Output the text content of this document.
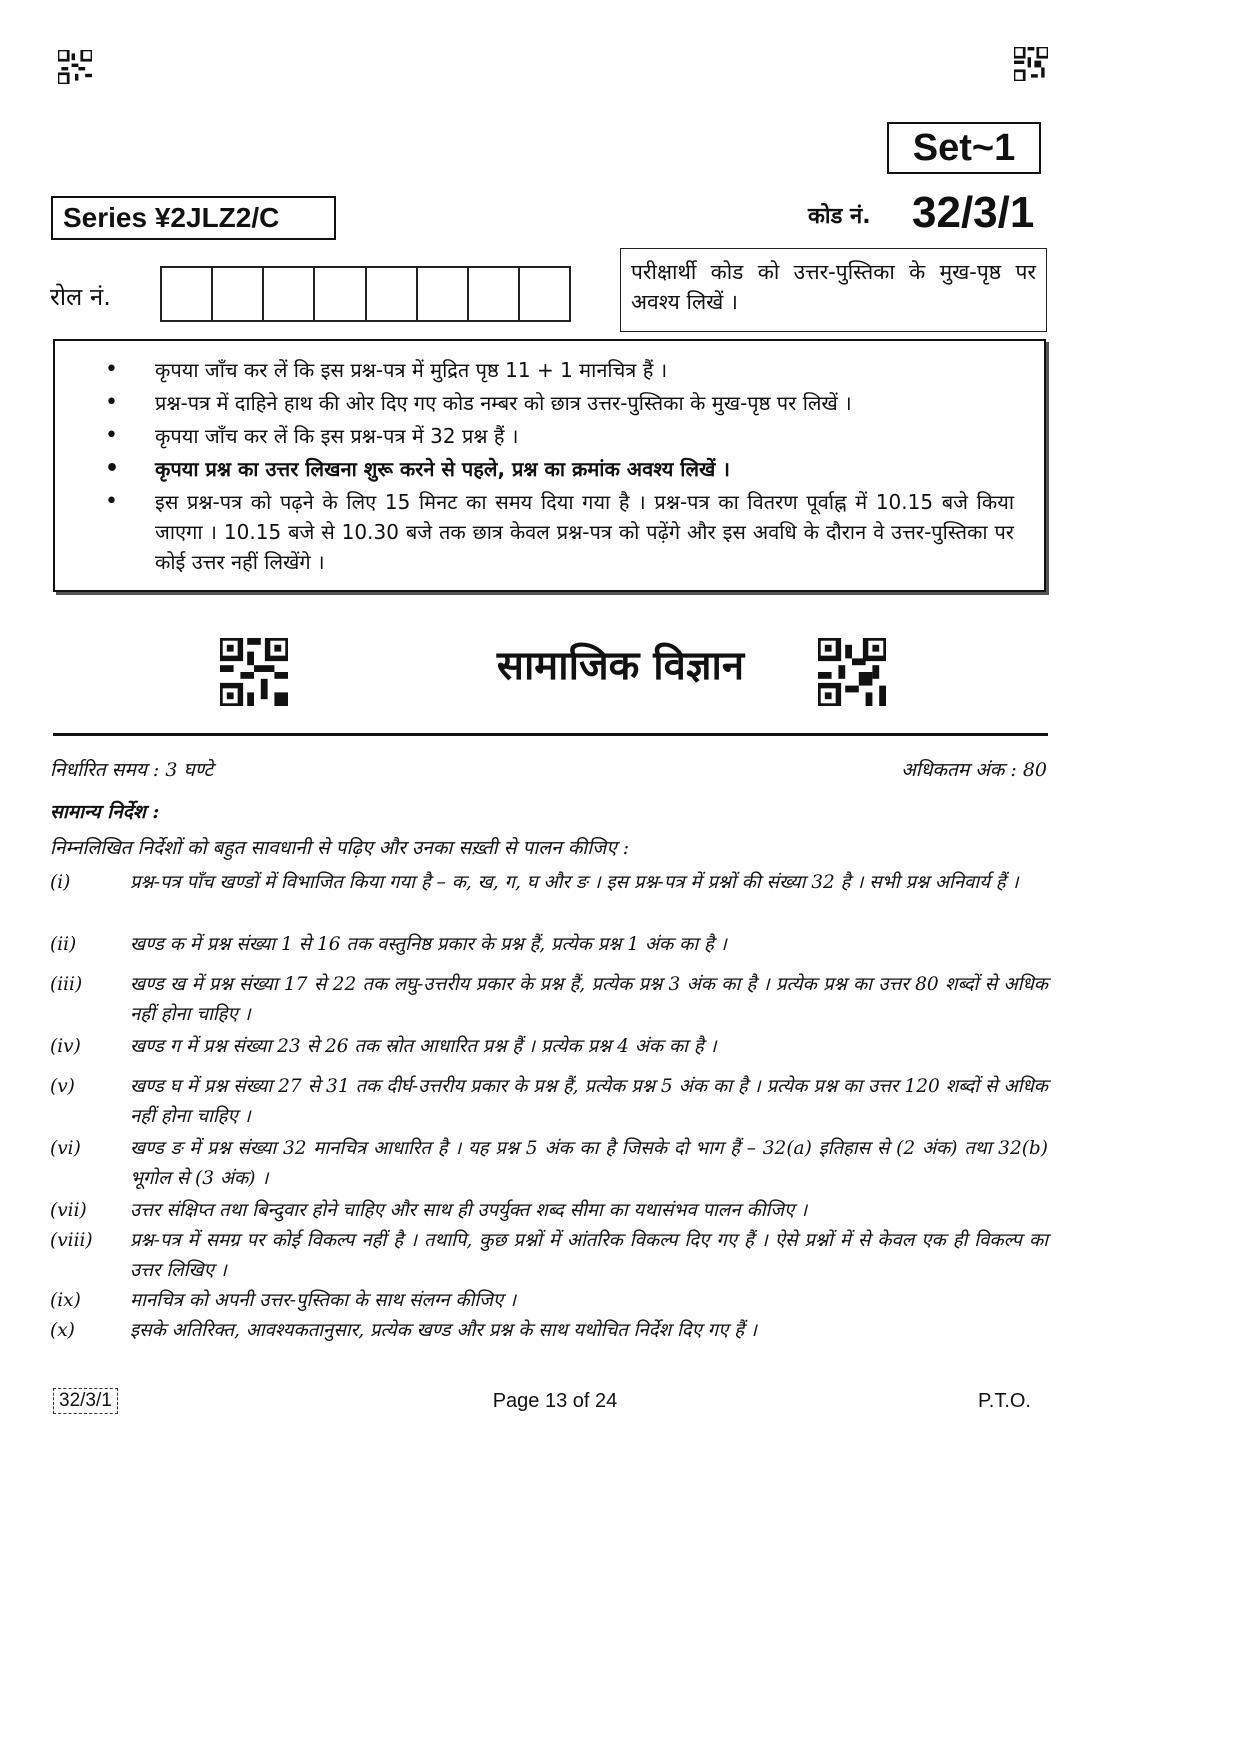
Set~1
Series ¥2JLZ2/C	कोड नं. 32/3/1
रोल नं.
परीक्षार्थी कोड को उत्तर-पुस्तिका के मुख-पृष्ठ पर अवश्य लिखें ।
• कृपया जाँच कर लें कि इस प्रश्न-पत्र में मुद्रित पृष्ठ 11 + 1 मानचित्र हैं ।
• प्रश्न-पत्र में दाहिने हाथ की ओर दिए गए कोड नम्बर को छात्र उत्तर-पुस्तिका के मुख-पृष्ठ पर लिखें ।
• कृपया जाँच कर लें कि इस प्रश्न-पत्र में 32 प्रश्न हैं ।
• कृपया प्रश्न का उत्तर लिखना शुरू करने से पहले, प्रश्न का क्रमांक अवश्य लिखें ।
• इस प्रश्न-पत्र को पढ़ने के लिए 15 मिनट का समय दिया गया है । प्रश्न-पत्र का वितरण पूर्वाह्न में 10.15 बजे किया जाएगा । 10.15 बजे से 10.30 बजे तक छात्र केवल प्रश्न-पत्र को पढ़ेंगे और इस अवधि के दौरान वे उत्तर-पुस्तिका पर कोई उत्तर नहीं लिखेंगे ।
सामाजिक विज्ञान
निर्धारित समय : 3 घण्टे	अधिकतम अंक : 80
सामान्य निर्देश :
निम्नलिखित निर्देशों को बहुत सावधानी से पढ़िए और उनका सख़्ती से पालन कीजिए :
(i)	प्रश्न-पत्र पाँच खण्डों में विभाजित किया गया है – क, ख, ग, घ और ङ । इस प्रश्न-पत्र में प्रश्नों की संख्या 32 है । सभी प्रश्न अनिवार्य हैं ।
(ii)	खण्ड क में प्रश्न संख्या 1 से 16 तक वस्तुनिष्ठ प्रकार के प्रश्न हैं, प्रत्येक प्रश्न 1 अंक का है ।
(iii)	खण्ड ख में प्रश्न संख्या 17 से 22 तक लघु-उत्तरीय प्रकार के प्रश्न हैं, प्रत्येक प्रश्न 3 अंक का है । प्रत्येक प्रश्न का उत्तर 80 शब्दों से अधिक नहीं होना चाहिए ।
(iv)	खण्ड ग में प्रश्न संख्या 23 से 26 तक स्रोत आधारित प्रश्न हैं । प्रत्येक प्रश्न 4 अंक का है ।
(v)	खण्ड घ में प्रश्न संख्या 27 से 31 तक दीर्घ-उत्तरीय प्रकार के प्रश्न हैं, प्रत्येक प्रश्न 5 अंक का है । प्रत्येक प्रश्न का उत्तर 120 शब्दों से अधिक नहीं होना चाहिए ।
(vi)	खण्ड ङ में प्रश्न संख्या 32 मानचित्र आधारित है । यह प्रश्न 5 अंक का है जिसके दो भाग हैं – 32(a) इतिहास से (2 अंक) तथा 32(b) भूगोल से (3 अंक) ।
(vii) उत्तर संक्षिप्त तथा बिन्दुवार होने चाहिए और साथ ही उपर्युक्त शब्द सीमा का यथासंभव पालन कीजिए ।
(viii) प्रश्न-पत्र में समग्र पर कोई विकल्प नहीं है । तथापि, कुछ प्रश्नों में आंतरिक विकल्प दिए गए हैं । ऐसे प्रश्नों में से केवल एक ही विकल्प का उत्तर लिखिए ।
(ix)	मानचित्र को अपनी उत्तर-पुस्तिका के साथ संलग्न कीजिए ।
(x)	इसके अतिरिक्त, आवश्यकतानुसार, प्रत्येक खण्ड और प्रश्न के साथ यथोचित निर्देश दिए गए हैं ।
32/3/1	Page 13 of 24	P.T.O.
